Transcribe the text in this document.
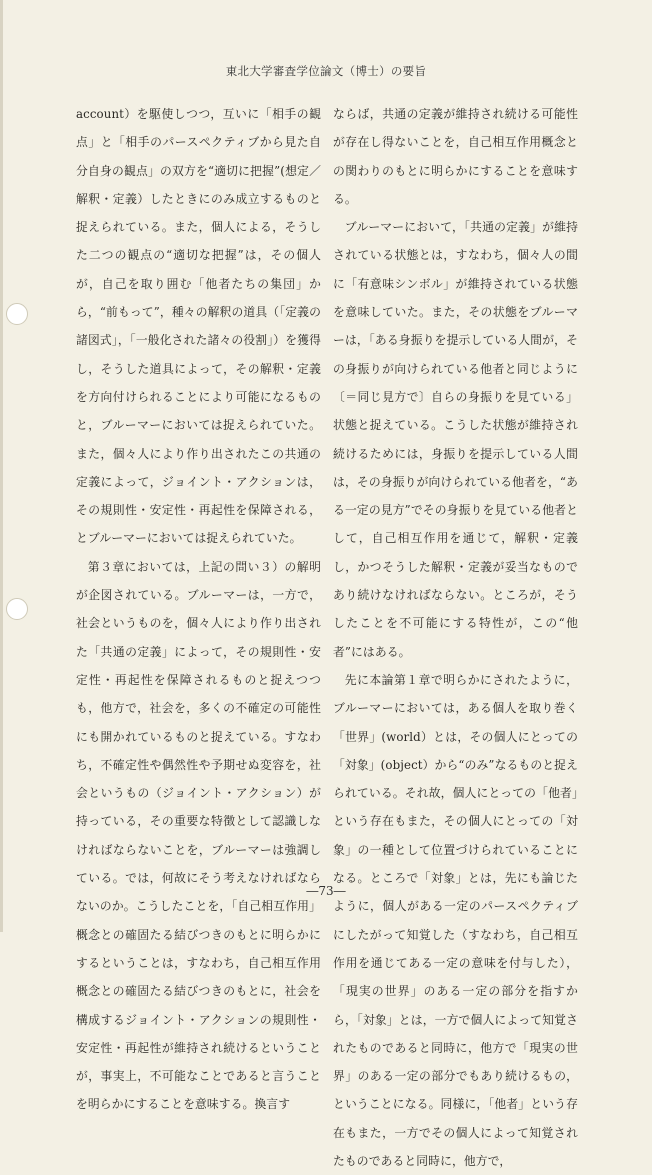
東北大学審査学位論文（博士）の要旨

account）を駆使しつつ，互いに「相手の観点」と「相手のパースペクティブから見た自分自身の観点」の双方を“適切に把握”(想定／解釈・定義）したときにのみ成立するものと捉えられている。また，個人による，そうした二つの観点の“適切な把握”は，その個人が，自己を取り囲む「他者たちの集団」から，“前もって”，種々の解釈の道具（「定義の諸図式」，「一般化された諸々の役割」）を獲得し，そうした道具によって，その解釈・定義を方向付けられることにより可能になるものと，ブルーマーにおいては捉えられていた。また，個々人により作り出されたこの共通の定義によって，ジョイント・アクションは，その規則性・安定性・再起性を保障される，とブルーマーにおいては捉えられていた。

第３章においては，上記の問い３）の解明が企図されている。ブルーマーは，一方で，社会というものを，個々人により作り出された「共通の定義」によって，その規則性・安定性・再起性を保障されるものと捉えつつも，他方で，社会を，多くの不確定の可能性にも開かれているものと捉えている。すなわち，不確定性や偶然性や予期せぬ変容を，社会というもの（ジョイント・アクション）が持っている，その重要な特徴として認識しなければならないことを，ブルーマーは強調している。では，何故にそう考えなければならないのか。こうしたことを，「自己相互作用」概念との確固たる結びつきのもとに明らかにするということは，すなわち，自己相互作用概念との確固たる結びつきのもとに，社会を構成するジョイント・アクションの規則性・安定性・再起性が維持され続けるということが，事実上，不可能なことであると言うことを明らかにすることを意味する。換言す

ならば，共通の定義が維持され続ける可能性が存在し得ないことを，自己相互作用概念との関わりのもとに明らかにすることを意味する。

ブルーマーにおいて，「共通の定義」が維持されている状態とは，すなわち，個々人の間に「有意味シンボル」が維持されている状態を意味していた。また，その状態をブルーマーは，「ある身振りを提示している人間が，その身振りが向けられている他者と同じように〔＝同じ見方で〕自らの身振りを見ている」状態と捉えている。こうした状態が維持され続けるためには，身振りを提示している人間は，その身振りが向けられている他者を，“ある一定の見方”でその身振りを見ている他者として，自己相互作用を通じて，解釈・定義し，かつそうした解釈・定義が妥当なものであり続けなければならない。ところが，そうしたことを不可能にする特性が，この“他者”にはある。

先に本論第１章で明らかにされたように，ブルーマーにおいては，ある個人を取り巻く「世界」(world）とは，その個人にとっての「対象」(object）から“のみ”なるものと捉えられている。それ故，個人にとっての「他者」という存在もまた，その個人にとっての「対象」の一種として位置づけられていることになる。ところで「対象」とは，先にも論じたように，個人がある一定のパースペクティブにしたがって知覚した（すなわち，自己相互作用を通じてある一定の意味を付与した），「現実の世界」のある一定の部分を指すから，「対象」とは，一方で個人によって知覚されたものであると同時に，他方で「現実の世界」のある一定の部分でもあり続けるもの，ということになる。同様に，「他者」という存在もまた，一方でその個人によって知覚されたものであると同時に，他方で，

―73―
